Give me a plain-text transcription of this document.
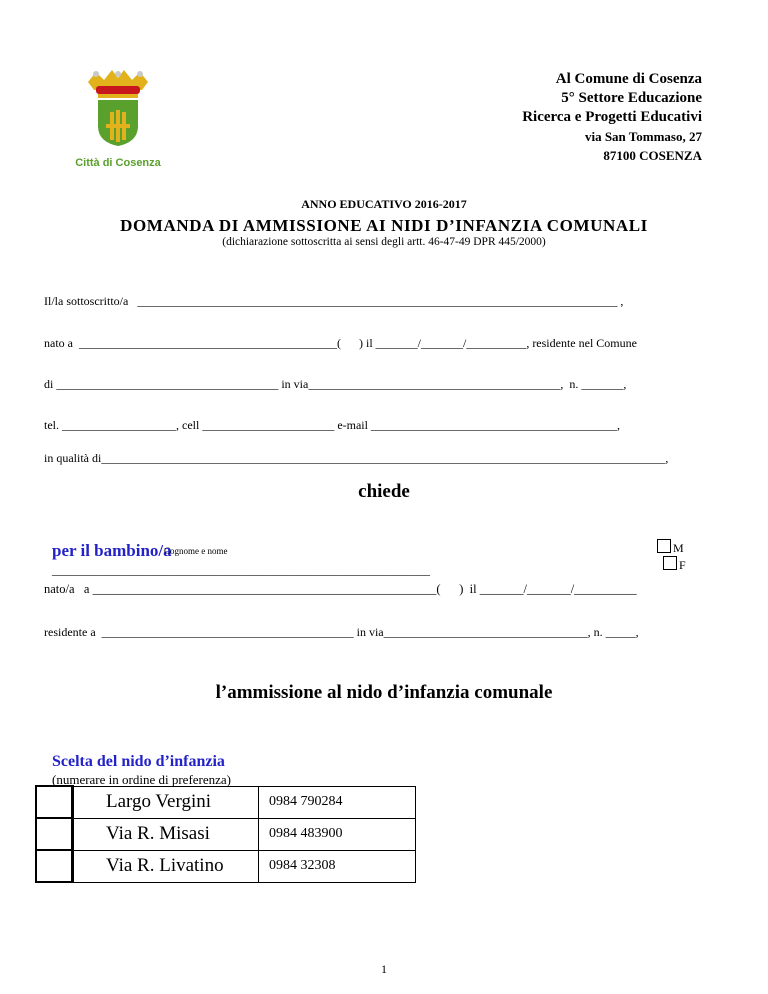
Città di Cosenza
Al Comune di Cosenza
5° Settore Educazione
Ricerca e Progetti Educativi
via San Tommaso, 27
87100 COSENZA
ANNO EDUCATIVO 2016-2017
DOMANDA DI AMMISSIONE AI NIDI D’INFANZIA COMUNALI
(dichiarazione sottoscritta ai sensi degli artt. 46-47-49 DPR 445/2000)
Il/la sottoscritto/a   ________________________________________________________________________________ ,
nato a  ___________________________________________(      ) il _______/_______/__________, residente nel Comune
di _____________________________________ in via__________________________________________,  n. _______,
tel. ___________________, cell ______________________ e-mail _________________________________________,
in qualità di______________________________________________________________________________________________,
chiede

per il bambino/a
_______________________________________________________________

M
F

Cognome e nome
nato/a   a _______________________________________________________(      )  il _______/_______/__________
residente a  __________________________________________ in via__________________________________, n. _____,
l’ammissione al nido d’infanzia comunale

Scelta del nido d’infanzia
(numerare in ordine di preferenza)

	Largo Vergini	0984 790284
	Via R. Misasi	0984 483900
	Via R. Livatino	0984 32308
1
